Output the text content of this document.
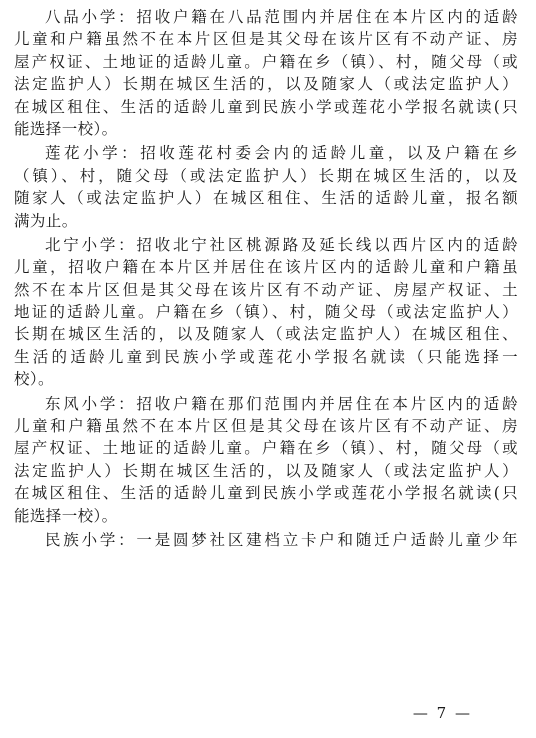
八品小学：招收户籍在八品范围内并居住在本片区内的适龄
儿童和户籍虽然不在本片区但是其父母在该片区有不动产证、房
屋产权证、土地证的适龄儿童。户籍在乡（镇）、村，随父母（或
法定监护人）长期在城区生活的，以及随家人（或法定监护人）
在城区租住、生活的适龄儿童到民族小学或莲花小学报名就读(只
能选择一校）。
莲花小学：招收莲花村委会内的适龄儿童，以及户籍在乡
（镇）、村，随父母（或法定监护人）长期在城区生活的，以及
随家人（或法定监护人）在城区租住、生活的适龄儿童，报名额
满为止。
北宁小学：招收北宁社区桃源路及延长线以西片区内的适龄
儿童，招收户籍在本片区并居住在该片区内的适龄儿童和户籍虽
然不在本片区但是其父母在该片区有不动产证、房屋产权证、土
地证的适龄儿童。户籍在乡（镇）、村，随父母（或法定监护人）
长期在城区生活的，以及随家人（或法定监护人）在城区租住、
生活的适龄儿童到民族小学或莲花小学报名就读（只能选择一
校）。
东风小学：招收户籍在那们范围内并居住在本片区内的适龄
儿童和户籍虽然不在本片区但是其父母在该片区有不动产证、房
屋产权证、土地证的适龄儿童。户籍在乡（镇）、村，随父母（或
法定监护人）长期在城区生活的，以及随家人（或法定监护人）
在城区租住、生活的适龄儿童到民族小学或莲花小学报名就读(只
能选择一校）。
民族小学：一是圆梦社区建档立卡户和随迁户适龄儿童少年
— 7 —
